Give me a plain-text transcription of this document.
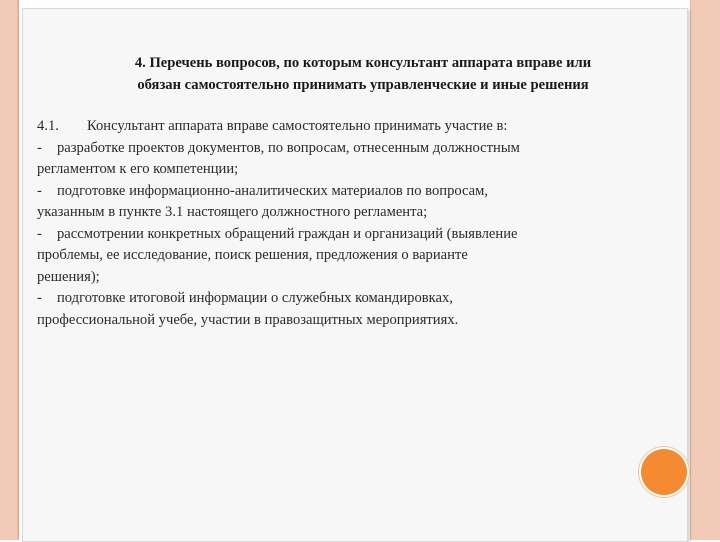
4. Перечень вопросов, по которым консультант аппарата вправе или
обязан самостоятельно принимать управленческие и иные решения
4.1. Консультант аппарата вправе самостоятельно принимать участие в:
- разработке проектов документов, по вопросам, отнесенным должностным
регламентом к его компетенции;
- подготовке информационно-аналитических материалов по вопросам,
указанным в пункте 3.1 настоящего должностного регламента;
- рассмотрении конкретных обращений граждан и организаций (выявление
проблемы, ее исследование, поиск решения, предложения о варианте
решения);
- подготовке итоговой информации о служебных командировках,
профессиональной учебе, участии в правозащитных мероприятиях.
